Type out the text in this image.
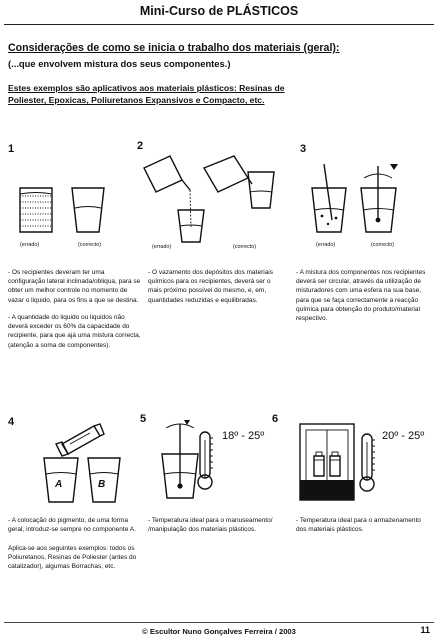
Mini-Curso de PLÁSTICOS
Considerações de como se inicia o trabalho dos materiais (geral):
(...que envolvem mistura dos seus componentes.)
Estes exemplos são aplicativos aos materiais plásticos: Resinas de Poliester, Epoxicas, Poliuretanos Expansivos e Compacto, etc.
1
(errado)	(correcto)
- Os recipientes deveram ter uma configuração lateral inclinada/obliqua, para se obter um melhor controle no momento de vazar o liquido, para os fins a que se destina.
- A quantidade do liquido ou liquidos não deverá exceder os 60% da capacidade do recipiente, para que ajá uma mistura correcta, (atenção a soma de componentes).
2
(errado)	(correcto)
- O vazamento dos depósitos dos materiais químicos para os recipientes, deverá ser o mais próximo possível do mesmo, e, em, quantidades reduzidas e equilibradas.
3
(errado)	(correcto)
- A mistura dos componentes nos recipientes deverá ser circular, através da utilização de misturadores com uma esfera na sua base, para que se faça correctamente a reacção química para obtenção do produto/material respectivo.
4
A	B
- A colocação do pigmento, de uma forma geral, introduz-se sempre no componente A.
Aplica-se aos seguintes exemplos: todos os Poliuretanos, Resinas de Poliester (antes do catalizador), algumas Borrachas, etc.
5
18º - 25º
- Temperatura ideal para o manuseamento/ /manipulação dos materiais plásticos.
6
20º - 25º
- Temperatura ideal para o armazenamento dos materiais plásticos.
© Escultor Nuno Gonçalves Ferreira / 2003	11
